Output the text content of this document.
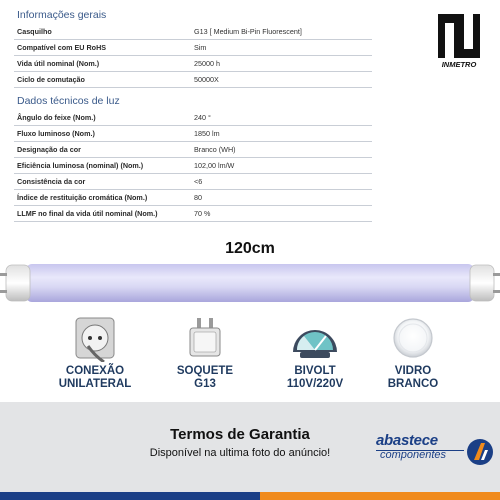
Informações gerais
Casquilho	G13 [ Medium Bi-Pin Fluorescent]
Compatível com EU RoHS	Sim
Vida útil nominal (Nom.)	25000 h
Ciclo de comutação	50000X
Dados técnicos de luz
Ângulo do feixe (Nom.)	240 °
Fluxo luminoso (Nom.)	1850 lm
Designação da cor	Branco (WH)
Eficiência luminosa (nominal) (Nom.)	102,00 lm/W
Consistência da cor	<6
Índice de restituição cromática (Nom.)	80
LLMF no final da vida útil nominal (Nom.)	70 %
INMETRO
120cm
CONEXÃO
UNILATERAL
SOQUETE
G13
BIVOLT
110V/220V
VIDRO
BRANCO
Termos de Garantia
Disponível na ultima foto do anúncio!
abastece
componentes
